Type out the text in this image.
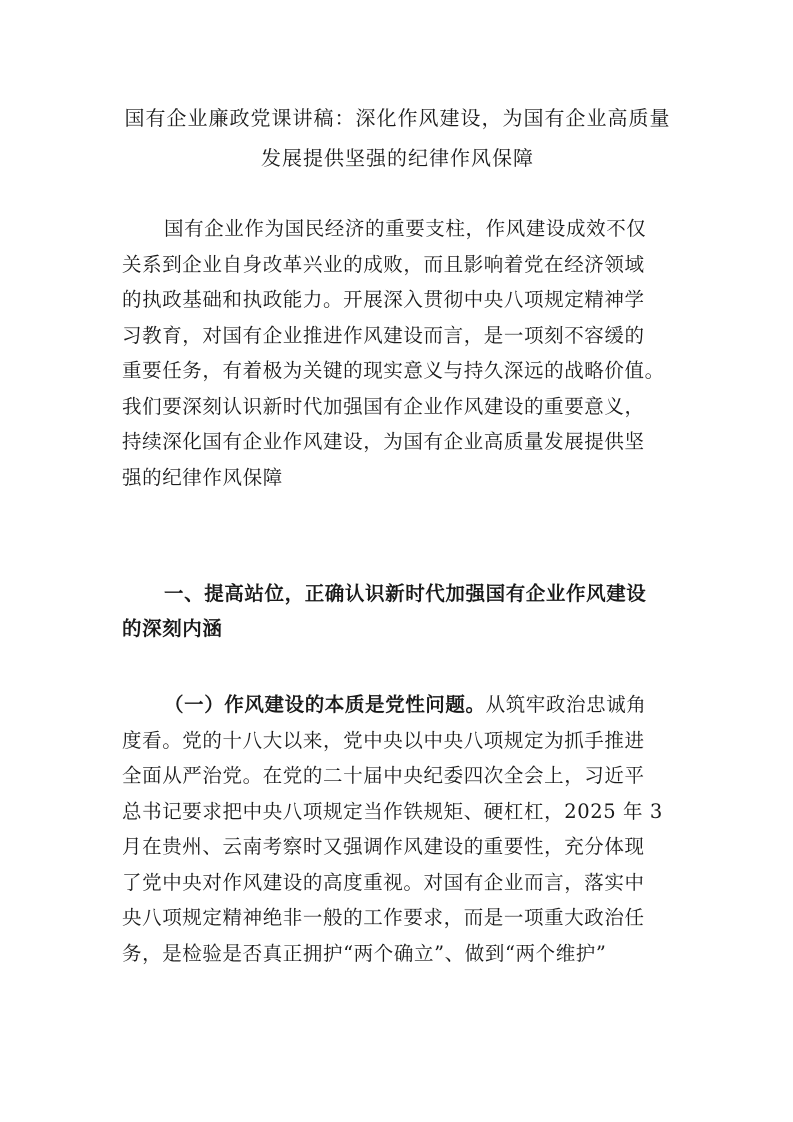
国有企业廉政党课讲稿：深化作风建设，为国有企业高质量
发展提供坚强的纪律作风保障
国有企业作为国民经济的重要支柱，作风建设成效不仅
关系到企业自身改革兴业的成败，而且影响着党在经济领域
的执政基础和执政能力。开展深入贯彻中央八项规定精神学
习教育，对国有企业推进作风建设而言，是一项刻不容缓的
重要任务，有着极为关键的现实意义与持久深远的战略价值。
我们要深刻认识新时代加强国有企业作风建设的重要意义，
持续深化国有企业作风建设，为国有企业高质量发展提供坚
强的纪律作风保障
一、提高站位，正确认识新时代加强国有企业作风建设
的深刻内涵
（一）作风建设的本质是党性问题。从筑牢政治忠诚角
度看。党的十八大以来，党中央以中央八项规定为抓手推进
全面从严治党。在党的二十届中央纪委四次全会上，习近平
总书记要求把中央八项规定当作铁规矩、硬杠杠，2025 年 3
月在贵州、云南考察时又强调作风建设的重要性，充分体现
了党中央对作风建设的高度重视。对国有企业而言，落实中
央八项规定精神绝非一般的工作要求，而是一项重大政治任
务，是检验是否真正拥护“两个确立”、做到“两个维护”
